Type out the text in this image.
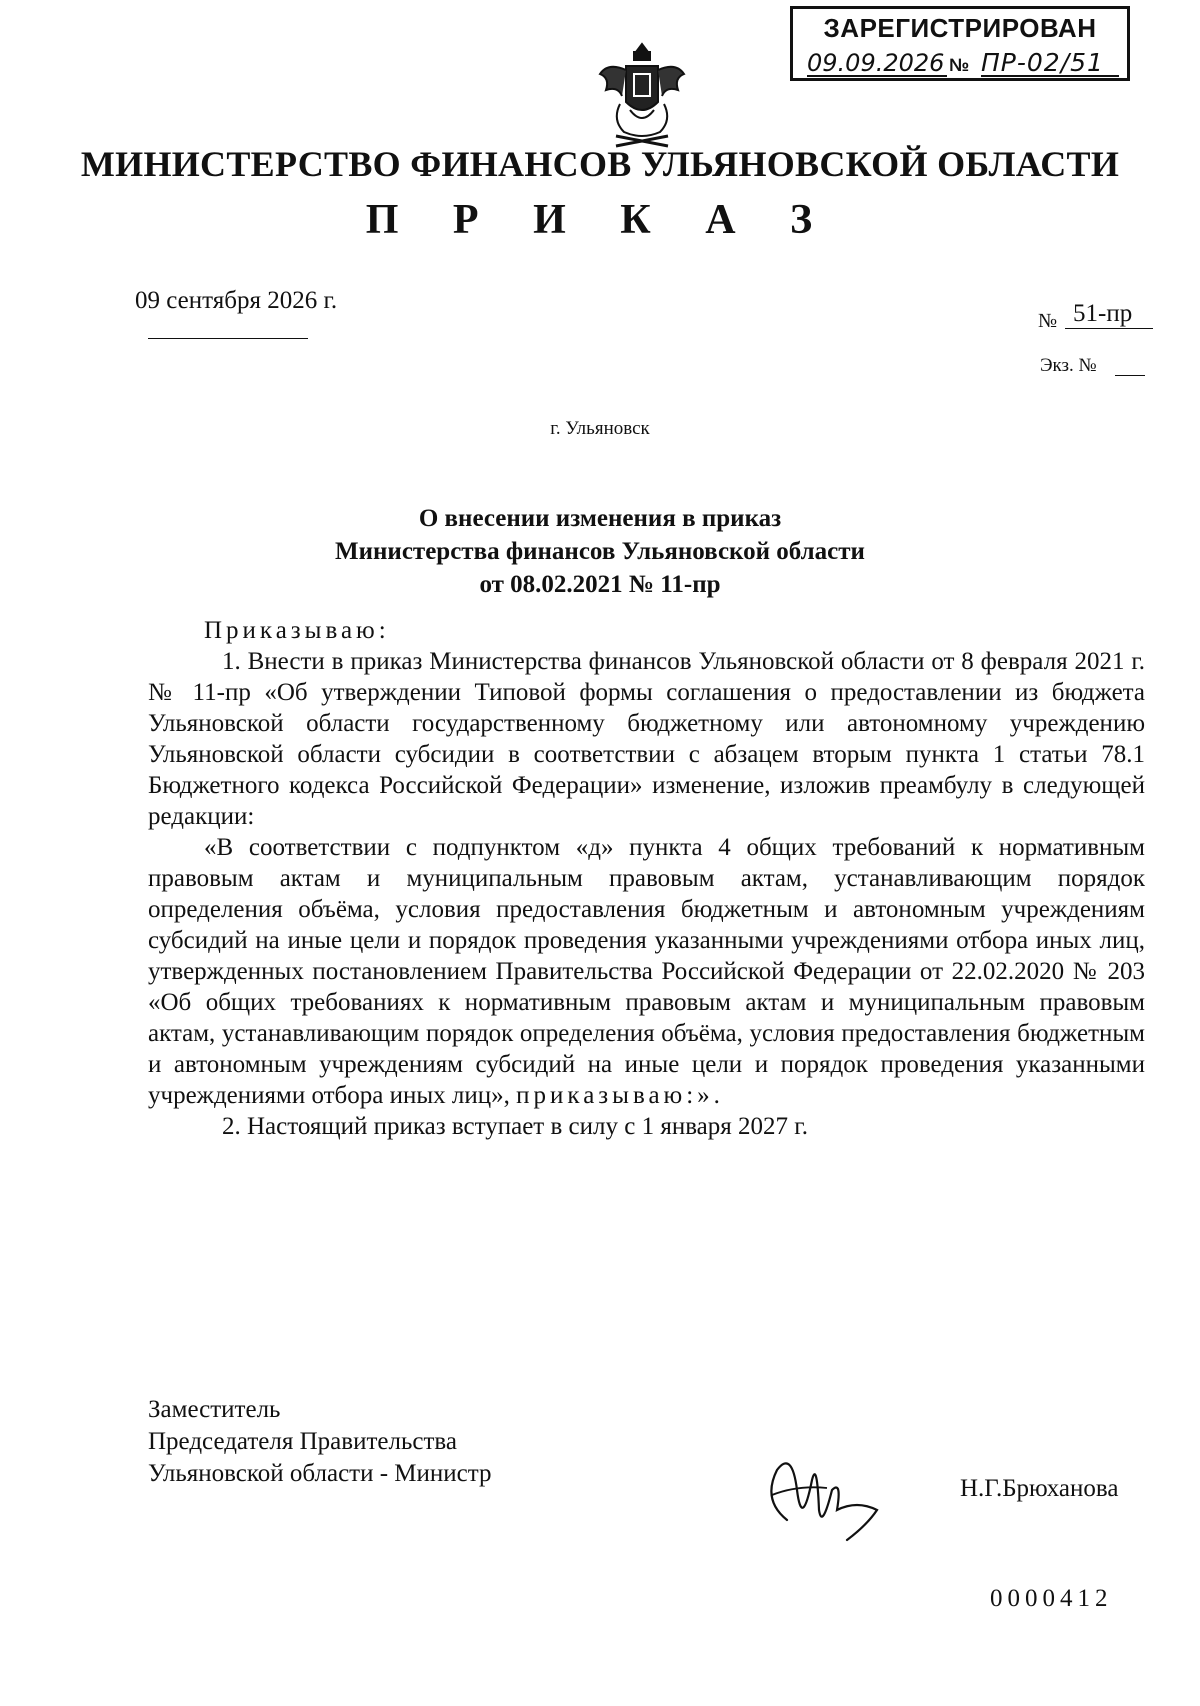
ЗАРЕГИСТРИРОВАН
09.09.2026 № ПР-02/51
МИНИСТЕРСТВО ФИНАНСОВ УЛЬЯНОВСКОЙ ОБЛАСТИ
П Р И К А З
09 сентября 2026 г.
№ 51-пр
Экз. №
г. Ульяновск
О внесении изменения в приказ
Министерства финансов Ульяновской области
от 08.02.2021 № 11-пр

Приказываю:

1. Внести в приказ Министерства финансов Ульяновской области от 8 февраля 2021 г. № 11-пр «Об утверждении Типовой формы соглашения о предоставлении из бюджета Ульяновской области государственному бюджетному или автономному учреждению Ульяновской области субсидии в соответствии с абзацем вторым пункта 1 статьи 78.1 Бюджетного кодекса Российской Федерации» изменение, изложив преамбулу в следующей редакции:

«В соответствии с подпунктом «д» пункта 4 общих требований к нормативным правовым актам и муниципальным правовым актам, устанавливающим порядок определения объёма, условия предоставления бюджетным и автономным учреждениям субсидий на иные цели и порядок проведения указанными учреждениями отбора иных лиц, утвержденных постановлением Правительства Российской Федерации от 22.02.2020 № 203 «Об общих требованиях к нормативным правовым актам и муниципальным правовым актам, устанавливающим порядок определения объёма, условия предоставления бюджетным и автономным учреждениям субсидий на иные цели и порядок проведения указанными учреждениями отбора иных лиц», приказываю:».

2. Настоящий приказ вступает в силу с 1 января 2027 г.

Заместитель
Председателя Правительства
Ульяновской области - Министр
Н.Г.Брюханова
0000412
